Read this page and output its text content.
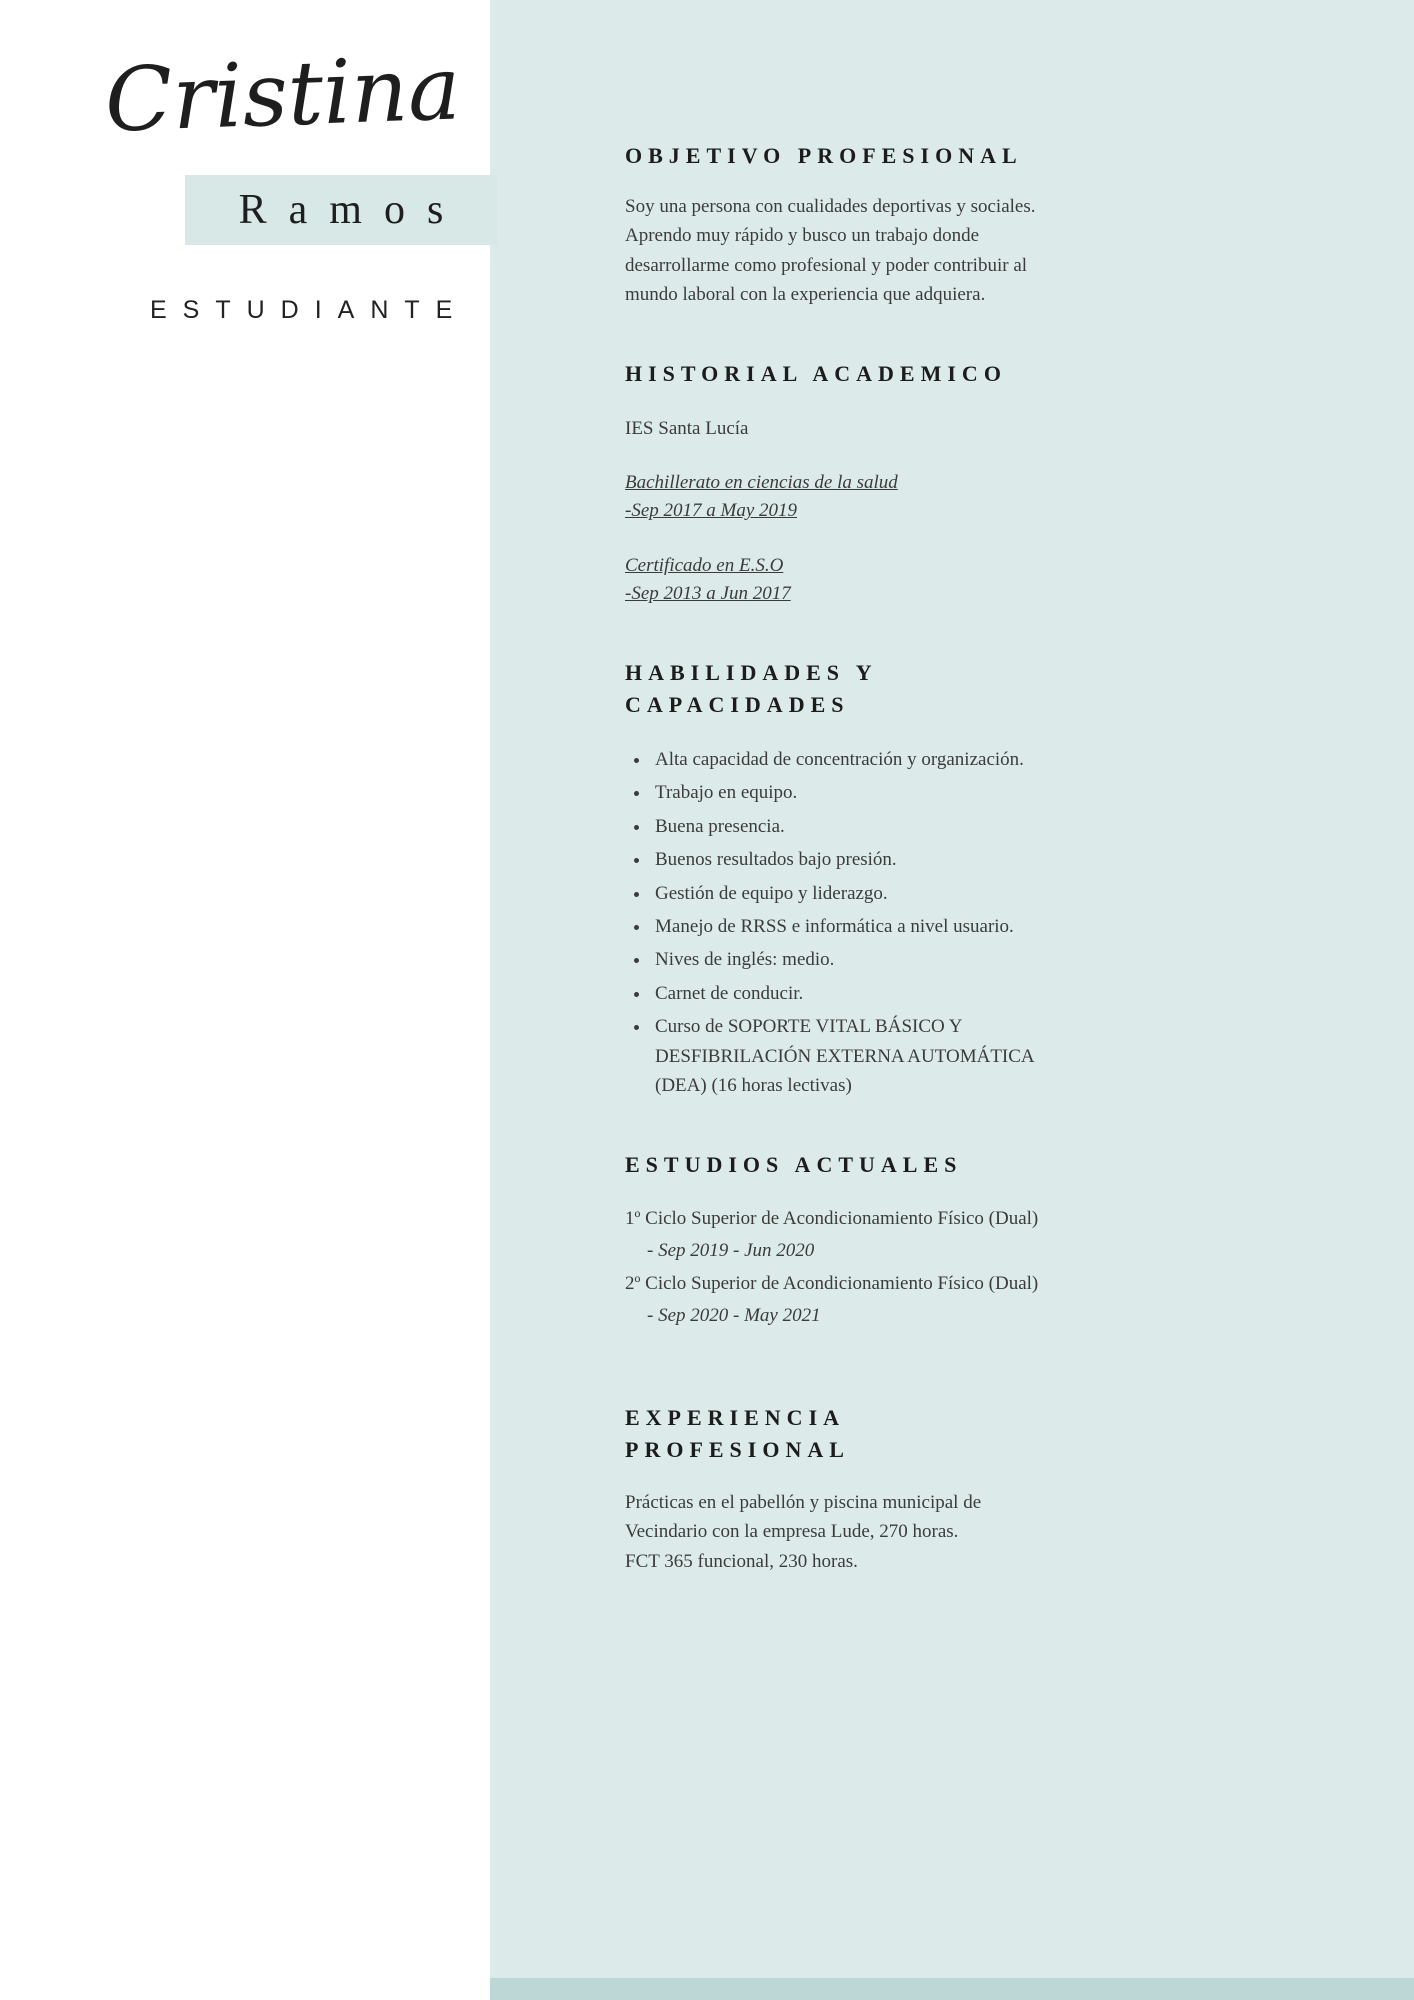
Cristina
Ramos
ESTUDIANTE
OBJETIVO PROFESIONAL

Soy una persona con cualidades deportivas y sociales. Aprendo muy rápido y busco un trabajo donde desarrollarme como profesional y poder contribuir al mundo laboral con la experiencia que adquiera.

HISTORIAL ACADEMICO

IES Santa Lucía

Bachillerato en ciencias de la salud

-Sep 2017 a May 2019

Certificado en E.S.O

-Sep 2013 a Jun 2017

HABILIDADES Y CAPACIDADES
• Alta capacidad de concentración y organización.
• Trabajo en equipo.
• Buena presencia.
• Buenos resultados bajo presión.
• Gestión de equipo y liderazgo.
• Manejo de RRSS e informática a nivel usuario.
• Nives de inglés: medio.
• Carnet de conducir.
• Curso de SOPORTE VITAL BÁSICO Y DESFIBRILACIÓN EXTERNA AUTOMÁTICA (DEA) (16 horas lectivas)
ESTUDIOS ACTUALES

1º Ciclo Superior de Acondicionamiento Físico (Dual)

- Sep 2019 - Jun 2020

2º Ciclo Superior de Acondicionamiento Físico (Dual)

- Sep 2020 - May 2021

EXPERIENCIA PROFESIONAL

Prácticas en el pabellón y piscina municipal de Vecindario con la empresa Lude, 270 horas.

FCT 365 funcional, 230 horas.
